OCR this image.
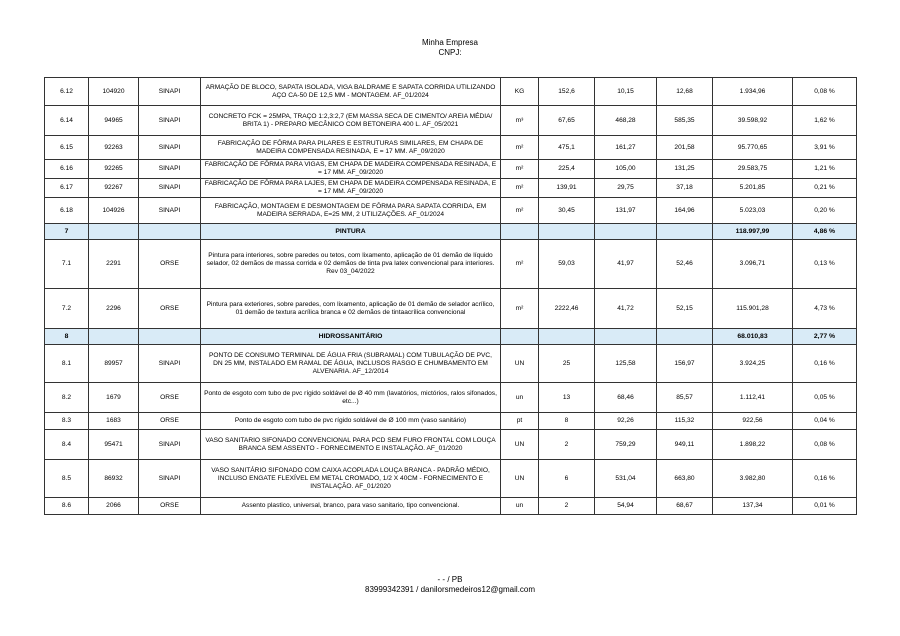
Minha Empresa
CNPJ:
6.12	104920	SINAPI	ARMAÇÃO DE BLOCO, SAPATA ISOLADA, VIGA BALDRAME E SAPATA CORRIDA UTILIZANDO AÇO CA-50 DE 12,5 MM - MONTAGEM. AF_01/2024	KG	152,6	10,15	12,68	1.934,96	0,08 %
6.14	94965	SINAPI	CONCRETO FCK = 25MPA, TRAÇO 1:2,3:2,7 (EM MASSA SECA DE CIMENTO/ AREIA MÉDIA/ BRITA 1) - PREPARO MECÂNICO COM BETONEIRA 400 L. AF_05/2021	m³	67,65	468,28	585,35	39.598,92	1,62 %
6.15	92263	SINAPI	FABRICAÇÃO DE FÔRMA PARA PILARES E ESTRUTURAS SIMILARES, EM CHAPA DE MADEIRA COMPENSADA RESINADA, E = 17 MM. AF_09/2020	m²	475,1	161,27	201,58	95.770,65	3,91 %
6.16	92265	SINAPI	FABRICAÇÃO DE FÔRMA PARA VIGAS, EM CHAPA DE MADEIRA COMPENSADA RESINADA, E = 17 MM. AF_09/2020	m²	225,4	105,00	131,25	29.583,75	1,21 %
6.17	92267	SINAPI	FABRICAÇÃO DE FÔRMA PARA LAJES, EM CHAPA DE MADEIRA COMPENSADA RESINADA, E = 17 MM. AF_09/2020	m²	139,91	29,75	37,18	5.201,85	0,21 %
6.18	104926	SINAPI	FABRICAÇÃO, MONTAGEM E DESMONTAGEM DE FÔRMA PARA SAPATA CORRIDA, EM MADEIRA SERRADA, E=25 MM, 2 UTILIZAÇÕES. AF_01/2024	m²	30,45	131,97	164,96	5.023,03	0,20 %
7			PINTURA					118.997,99	4,86 %
7.1	2291	ORSE	Pintura para interiores, sobre paredes ou tetos, com lixamento, aplicação de 01 demão de líquido selador, 02 demãos de massa corrida e 02 demãos de tinta pva latex convencional para interiores. Rev 03_04/2022	m²	59,03	41,97	52,46	3.096,71	0,13 %
7.2	2296	ORSE	Pintura para exteriores, sobre paredes, com lixamento, aplicação de 01 demão de selador acrílico, 01 demão de textura acrílica branca e 02 demãos de tintaacrílica convencional	m²	2222,46	41,72	52,15	115.901,28	4,73 %
8			HIDROSSANITÁRIO					68.010,83	2,77 %
8.1	89957	SINAPI	PONTO DE CONSUMO TERMINAL DE ÁGUA FRIA (SUBRAMAL) COM TUBULAÇÃO DE PVC, DN 25 MM, INSTALADO EM RAMAL DE ÁGUA, INCLUSOS RASGO E CHUMBAMENTO EM ALVENARIA. AF_12/2014	UN	25	125,58	156,97	3.924,25	0,16 %
8.2	1679	ORSE	Ponto de esgoto com tubo de pvc rígido soldável de Ø 40 mm (lavatórios, mictórios, ralos sifonados, etc...)	un	13	68,46	85,57	1.112,41	0,05 %
8.3	1683	ORSE	Ponto de esgoto com tubo de pvc rígido soldável de Ø 100 mm (vaso sanitário)	pt	8	92,26	115,32	922,56	0,04 %
8.4	95471	SINAPI	VASO SANITARIO SIFONADO CONVENCIONAL PARA PCD SEM FURO FRONTAL COM LOUÇA BRANCA SEM ASSENTO - FORNECIMENTO E INSTALAÇÃO. AF_01/2020	UN	2	759,29	949,11	1.898,22	0,08 %
8.5	86932	SINAPI	VASO SANITÁRIO SIFONADO COM CAIXA ACOPLADA LOUÇA BRANCA - PADRÃO MÉDIO, INCLUSO ENGATE FLEXÍVEL EM METAL CROMADO, 1/2 X 40CM - FORNECIMENTO E INSTALAÇÃO. AF_01/2020	UN	6	531,04	663,80	3.982,80	0,16 %
8.6	2066	ORSE	Assento plastico, universal, branco, para vaso sanitario, tipo convencional.	un	2	54,94	68,67	137,34	0,01 %
- - / PB
83999342391 / danilorsmedeiros12@gmail.com
